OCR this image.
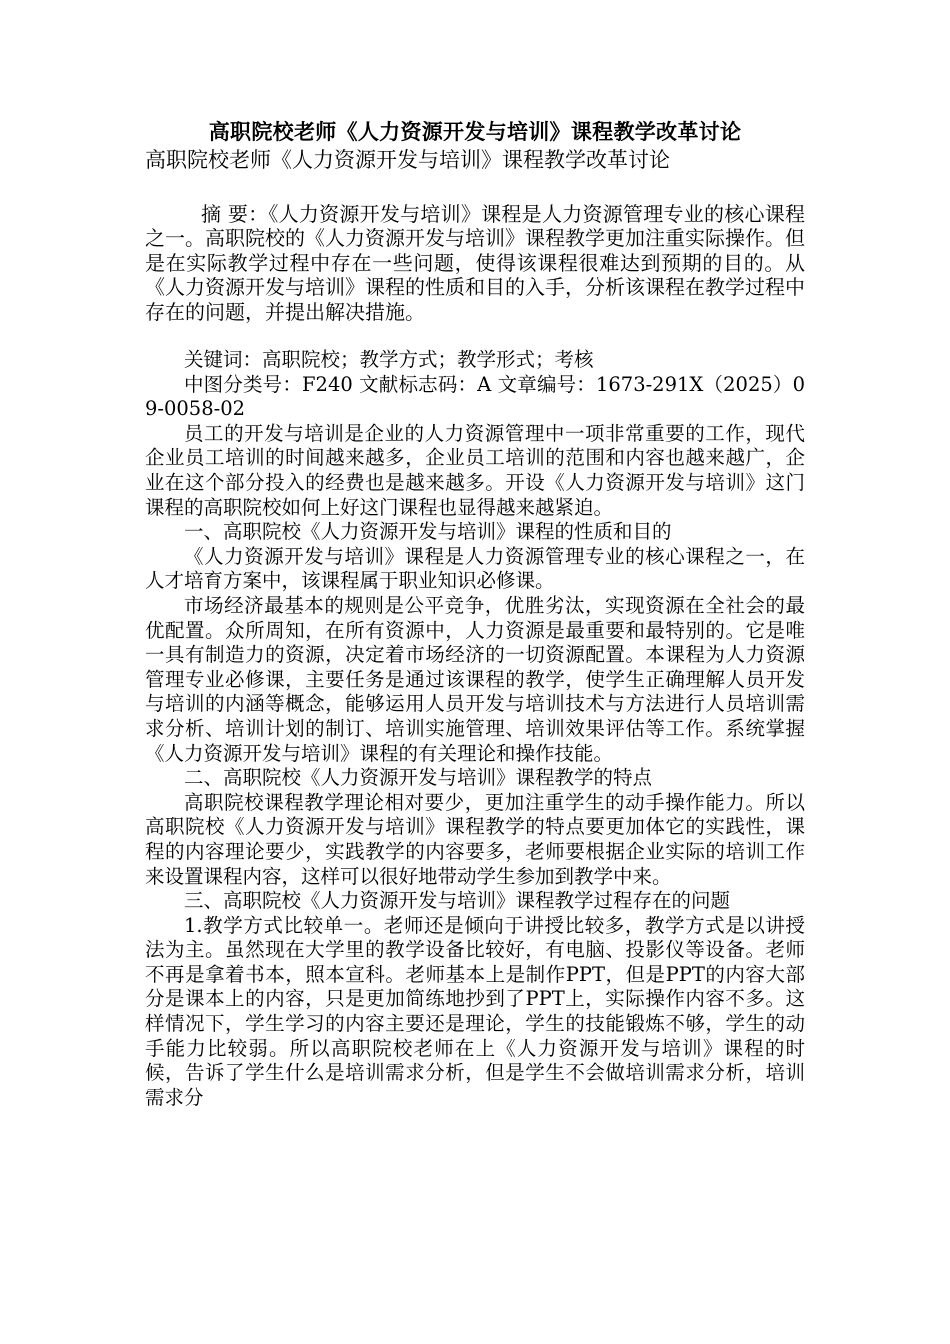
高职院校老师《人力资源开发与培训》课程教学改革讨论
高职院校老师《人力资源开发与培训》课程教学改革讨论

摘 要：《人力资源开发与培训》课程是人力资源管理专业的核心课程之一。高职院校的《人力资源开发与培训》课程教学更加注重实际操作。但是在实际教学过程中存在一些问题，使得该课程很难达到预期的目的。从《人力资源开发与培训》课程的性质和目的入手，分析该课程在教学过程中存在的问题，并提出解决措施。

关键词：高职院校；教学方式；教学形式；考核

中图分类号：F240 文献标志码：A 文章编号：1673-291X（2025）09-0058-02

员工的开发与培训是企业的人力资源管理中一项非常重要的工作，现代企业员工培训的时间越来越多，企业员工培训的范围和内容也越来越广，企业在这个部分投入的经费也是越来越多。开设《人力资源开发与培训》这门课程的高职院校如何上好这门课程也显得越来越紧迫。

一、高职院校《人力资源开发与培训》课程的性质和目的

《人力资源开发与培训》课程是人力资源管理专业的核心课程之一，在人才培育方案中，该课程属于职业知识必修课。

市场经济最基本的规则是公平竞争，优胜劣汰，实现资源在全社会的最优配置。众所周知，在所有资源中，人力资源是最重要和最特别的。它是唯一具有制造力的资源，决定着市场经济的一切资源配置。本课程为人力资源管理专业必修课，主要任务是通过该课程的教学，使学生正确理解人员开发与培训的内涵等概念，能够运用人员开发与培训技术与方法进行人员培训需求分析、培训计划的制订、培训实施管理、培训效果评估等工作。系统掌握《人力资源开发与培训》课程的有关理论和操作技能。

二、高职院校《人力资源开发与培训》课程教学的特点

高职院校课程教学理论相对要少，更加注重学生的动手操作能力。所以高职院校《人力资源开发与培训》课程教学的特点要更加体它的实践性，课程的内容理论要少，实践教学的内容要多，老师要根据企业实际的培训工作来设置课程内容，这样可以很好地带动学生参加到教学中来。

三、高职院校《人力资源开发与培训》课程教学过程存在的问题

1.教学方式比较单一。老师还是倾向于讲授比较多，教学方式是以讲授法为主。虽然现在大学里的教学设备比较好，有电脑、投影仪等设备。老师不再是拿着书本，照本宣科。老师基本上是制作PPT，但是PPT的内容大部分是课本上的内容，只是更加简练地抄到了PPT上，实际操作内容不多。这样情况下，学生学习的内容主要还是理论，学生的技能锻炼不够，学生的动手能力比较弱。所以高职院校老师在上《人力资源开发与培训》课程的时候，告诉了学生什么是培训需求分析，但是学生不会做培训需求分析，培训需求分
